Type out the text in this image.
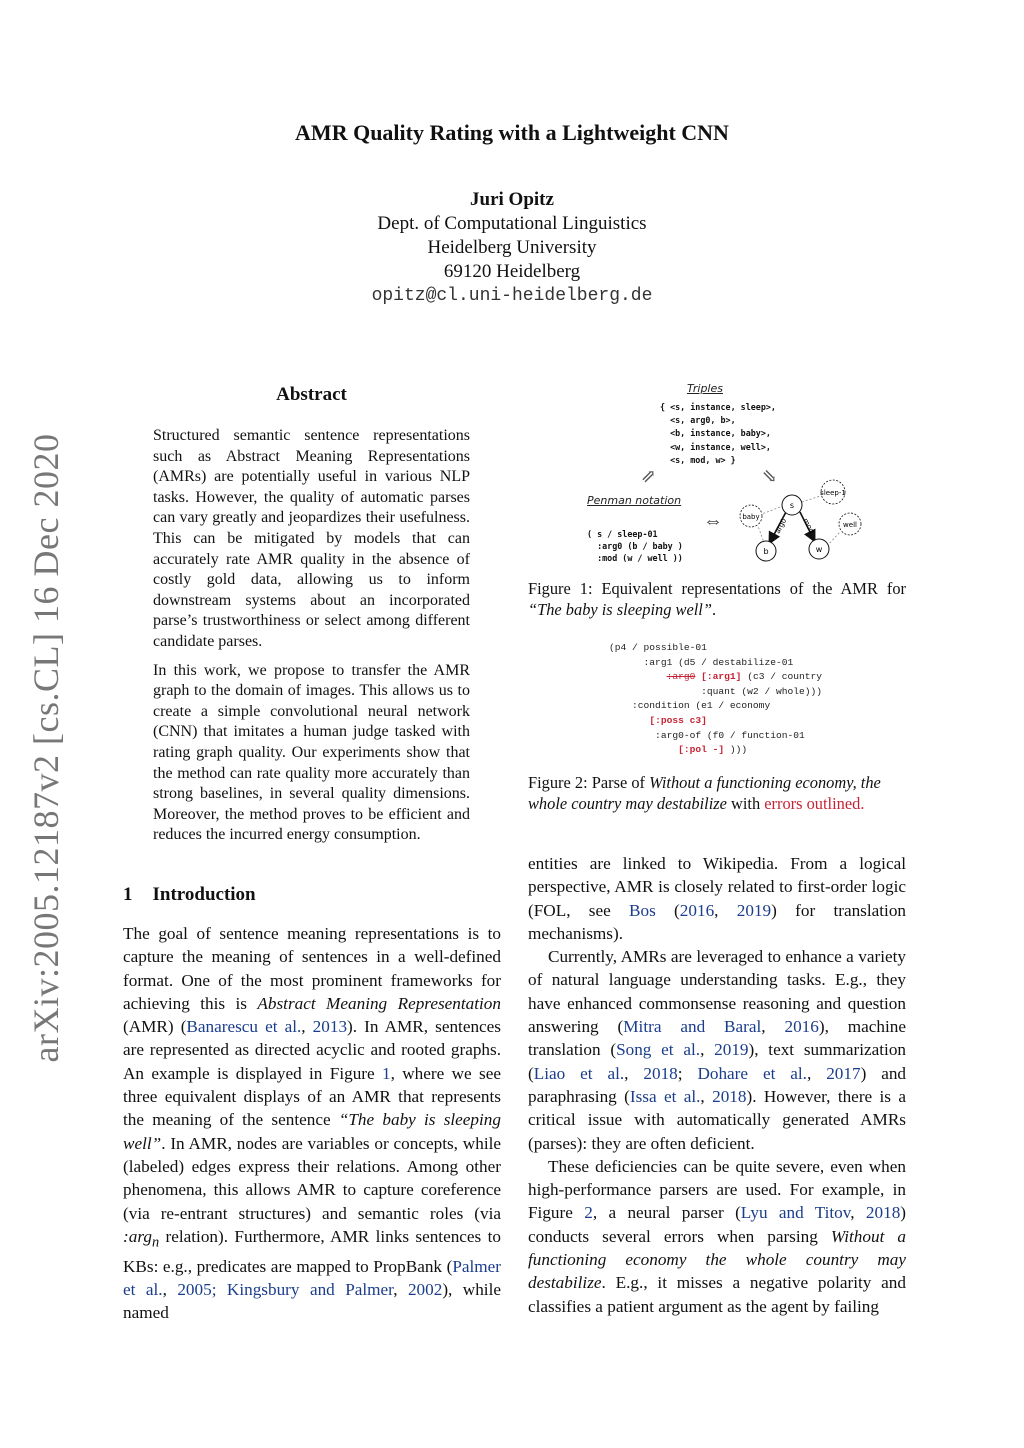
arXiv:2005.12187v2 [cs.CL] 16 Dec 2020
AMR Quality Rating with a Lightweight CNN
Juri Opitz
Dept. of Computational Linguistics
Heidelberg University
69120 Heidelberg
opitz@cl.uni-heidelberg.de
Abstract

Structured semantic sentence representations such as Abstract Meaning Representations (AMRs) are potentially useful in various NLP tasks. However, the quality of automatic parses can vary greatly and jeopardizes their usefulness. This can be mitigated by models that can accurately rate AMR quality in the absence of costly gold data, allowing us to inform downstream systems about an incorporated parse’s trustworthiness or select among different candidate parses.

In this work, we propose to transfer the AMR graph to the domain of images. This allows us to create a simple convolutional neural network (CNN) that imitates a human judge tasked with rating graph quality. Our experiments show that the method can rate quality more accurately than strong baselines, in several quality dimensions. Moreover, the method proves to be efficient and reduces the incurred energy consumption.

1 Introduction

The goal of sentence meaning representations is to capture the meaning of sentences in a well-defined format. One of the most prominent frameworks for achieving this is Abstract Meaning Representation (AMR) (Banarescu et al., 2013). In AMR, sentences are represented as directed acyclic and rooted graphs. An example is displayed in Figure 1, where we see three equivalent displays of an AMR that represents the meaning of the sentence “The baby is sleeping well”. In AMR, nodes are variables or concepts, while (labeled) edges express their relations. Among other phenomena, this allows AMR to capture coreference (via re-entrant structures) and semantic roles (via :arg$_n$ relation). Furthermore, AMR links sentences to KBs: e.g., predicates are mapped to PropBank (Palmer et al., 2005; Kingsbury and Palmer, 2002), while named

Triples
{ <s, instance, sleep>,
<s, arg0, b>,
<b, instance, baby>,
<w, instance, well>,
<s, mod, w> }
⇗	⇘
Penman notation
( s / sleep-01
:arg0 (b / baby )
:mod (w / well ))
⇔
s
b	w
sleep-1
baby
well
arg0 mod
Figure 1: Equivalent representations of the AMR for “The baby is sleeping well”.
(p4 / possible-01
:arg1 (d5 / destabilize-01
:arg0 [:arg1] (c3 / country
:quant (w2 / whole)))
:condition (e1 / economy
[:poss c3]
:arg0-of (f0 / function-01
[:pol -] )))
Figure 2: Parse of Without a functioning economy, the whole country may destabilize with errors outlined.

entities are linked to Wikipedia. From a logical perspective, AMR is closely related to first-order logic (FOL, see Bos (2016, 2019) for translation mechanisms).

Currently, AMRs are leveraged to enhance a variety of natural language understanding tasks. E.g., they have enhanced commonsense reasoning and question answering (Mitra and Baral, 2016), machine translation (Song et al., 2019), text summarization (Liao et al., 2018; Dohare et al., 2017) and paraphrasing (Issa et al., 2018). However, there is a critical issue with automatically generated AMRs (parses): they are often deficient.

These deficiencies can be quite severe, even when high-performance parsers are used. For example, in Figure 2, a neural parser (Lyu and Titov, 2018) conducts several errors when parsing Without a functioning economy the whole country may destabilize. E.g., it misses a negative polarity and classifies a patient argument as the agent by failing
